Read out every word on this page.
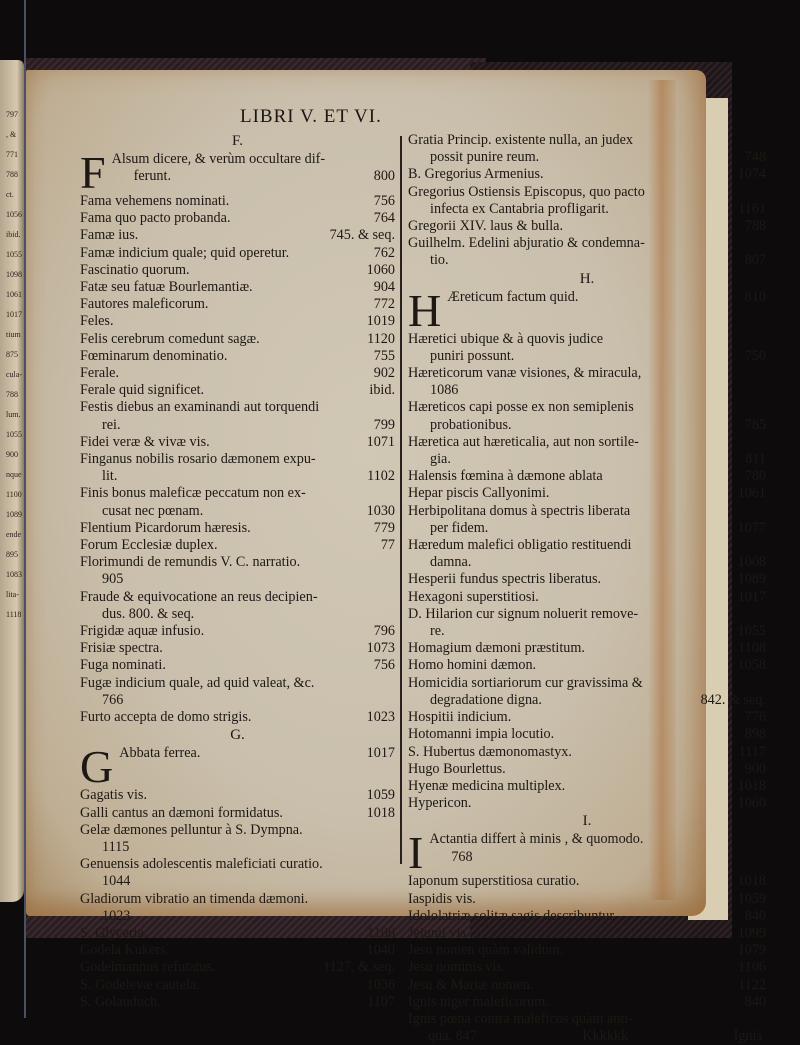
797
, &
771
788
ct.
1056
ibid.
1055
1098
1061
1017
tium
875
cula-
788
lum.
1055
900
nque
1100
1089
ende
895
1083
lita-
1118
LIBRI V. ET VI.
F.
F Alsum dicere, & verùm occultare dif-
ferunt.	800
Fama vehemens nominati.	756
Fama quo pacto probanda.	764
Famæ ius.	745. & seq.
Famæ indicium quale; quid operetur.	762
Fascinatio quorum.	1060
Fatæ seu fatuæ Bourlemantiæ.	904
Fautores maleficorum.	772
Feles.	1019
Felis cerebrum comedunt sagæ.	1120
Fœminarum denominatio.	755
Ferale.	902
Ferale quid significet.	ibid.
Festis diebus an examinandi aut torquendi
rei.	799
Fidei veræ & vivæ vis.	1071
Finganus nobilis rosario dæmonem expu-
lit.	1102
Finis bonus maleficæ peccatum non ex-
cusat nec pœnam.	1030
Flentium Picardorum hæresis.	779
Forum Ecclesiæ duplex.	77
Florimundi de remundis V. C. narratio.
905
Fraude & equivocatione an reus decipien-
dus. 800. & seq.
Frigidæ aquæ infusio.	796
Frisiæ spectra.	1073
Fuga nominati.	756
Fugæ indicium quale, ad quid valeat, &c.
766
Furto accepta de domo strigis.	1023
G.
G Abbata ferrea.	1017
Gagatis vis.	1059
Galli cantus an dæmoni formidatus.	1018
Gelæ dæmones pelluntur à S. Dympna.
1115
Genuensis adolescentis maleficiati curatio.
1044
Gladiorum vibratio an timenda dæmoni.
1023
S. Glyceria.	1106
Godela Kukers.	1040
Godelmannus refutatus.	1127. & seq.
S. Godelevæ cautela.	1036
S. Golauduch.	1107
Gratia Princip. existente nulla, an judex
possit punire reum.	748
B. Gregorius Armenius.	1074
Gregorius Ostiensis Episcopus, quo pacto
infecta ex Cantabria profligarit.	1161
Gregorii XIV. laus & bulla.	788
Guilhelm. Edelini abjuratio & condemna-
tio.	807
H.
H Æreticum factum quid.	810
Hæretici ubique & à quovis judice
puniri possunt.	750
Hæreticorum vanæ visiones, & miracula,
1086
Hæreticos capi posse ex non semiplenis
probationibus.	785
Hæretica aut hæreticalia, aut non sortile-
gia.	811
Halensis fœmina à dæmone ablata	780
Hepar piscis Callyonimi.	1061
Herbipolitana domus à spectris liberata
per fidem.	1077
Hæredum malefici obligatio restituendi
damna.	1008
Hesperii fundus spectris liberatus.	1089
Hexagoni superstitiosi.	1017
D. Hilarion cur signum noluerit remove-
re.	1055
Homagium dæmoni præstitum.	1108
Homo homini dæmon.	1058
Homicidia sortiariorum cur gravissima &
degradatione digna.	842. & seq.
Hospitii indicium.	776
Hotomanni impia locutio.	898
S. Hubertus dæmonomastyx.	1117
Hugo Bourlettus.	900
Hyenæ medicina multiplex.	1018
Hypericon.	1060
I.
I Actantia differt à minis , & quomodo.
768
Iaponum superstitiosa curatio.	1018
Iaspidis vis.	1059
Idololatriæ solitæ sagis describuntur.	840
Jejunii vis.	1099
Jesu nomen quàm validum.	1079
Jesu nominis vis.	1106
Jesu & Mariæ nomen.	1122
Ignis niger maleficorum.	840
Ignis pœna contra maleficos quàm anti-
qua. 847	Kkkkkk	Ignis
